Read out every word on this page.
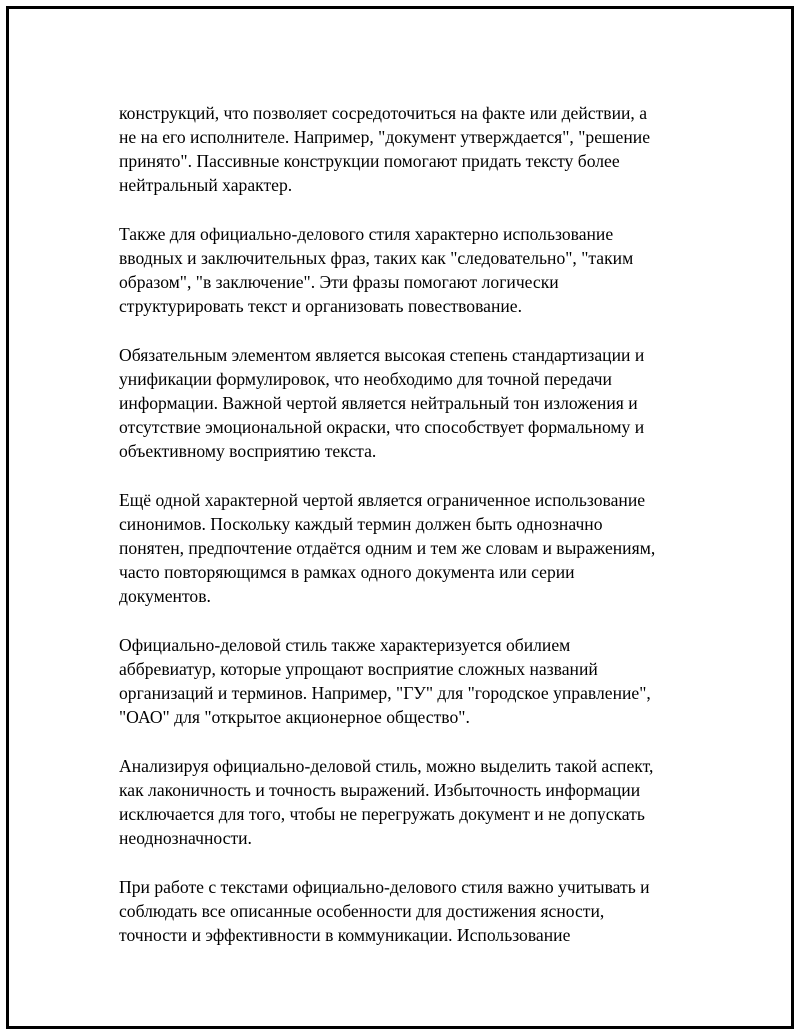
конструкций, что позволяет сосредоточиться на факте или действии, а
не на его исполнителе. Например, "документ утверждается", "решение
принято". Пассивные конструкции помогают придать тексту более
нейтральный характер.

Также для официально-делового стиля характерно использование
вводных и заключительных фраз, таких как "следовательно", "таким
образом", "в заключение". Эти фразы помогают логически
структурировать текст и организовать повествование.

Обязательным элементом является высокая степень стандартизации и
унификации формулировок, что необходимо для точной передачи
информации. Важной чертой является нейтральный тон изложения и
отсутствие эмоциональной окраски, что способствует формальному и
объективному восприятию текста.

Ещё одной характерной чертой является ограниченное использование
синонимов. Поскольку каждый термин должен быть однозначно
понятен, предпочтение отдаётся одним и тем же словам и выражениям,
часто повторяющимся в рамках одного документа или серии
документов.

Официально-деловой стиль также характеризуется обилием
аббревиатур, которые упрощают восприятие сложных названий
организаций и терминов. Например, "ГУ" для "городское управление",
"ОАО" для "открытое акционерное общество".

Анализируя официально-деловой стиль, можно выделить такой аспект,
как лаконичность и точность выражений. Избыточность информации
исключается для того, чтобы не перегружать документ и не допускать
неоднозначности.

При работе с текстами официально-делового стиля важно учитывать и
соблюдать все описанные особенности для достижения ясности,
точности и эффективности в коммуникации. Использование
